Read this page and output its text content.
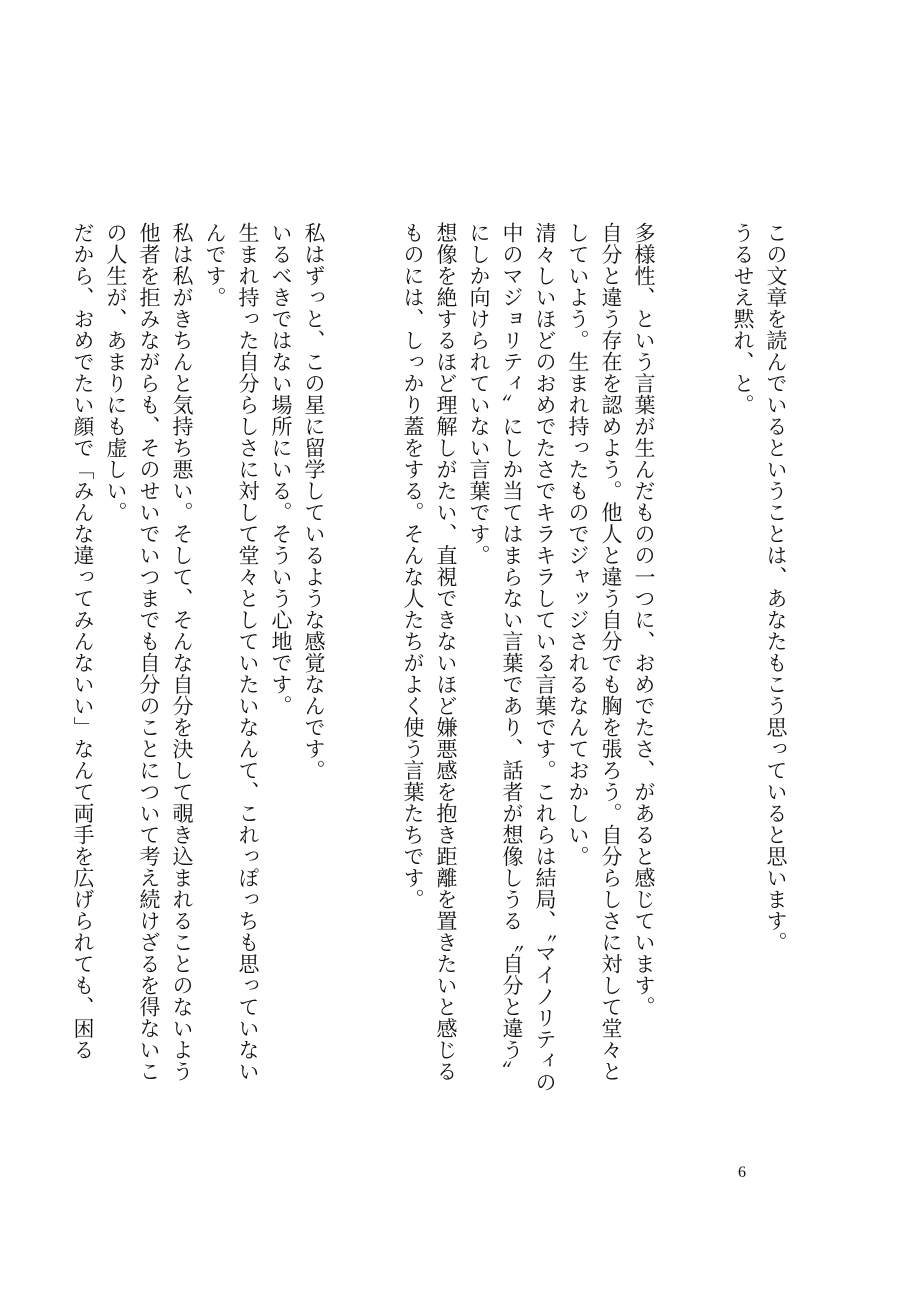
この文章を読んでいるということは、あなたもこう思っていると思います。

うるせえ黙れ、と。

多様性、という言葉が生んだものの一つに、おめでたさ、があると感じています。

自分と違う存在を認めよう。他人と違う自分でも胸を張ろう。自分らしさに対して堂々としていよう。生まれ持ったものでジャッジされるなんておかしい。

清々しいほどのおめでたさでキラキラしている言葉です。これらは結局、〝マイノリティの中のマジョリティ〟にしか当てはまらない言葉であり、話者が想像しうる〝自分と違う〟にしか向けられていない言葉です。

想像を絶するほど理解しがたい、直視できないほど嫌悪感を抱き距離を置きたいと感じるものには、しっかり蓋をする。そんな人たちがよく使う言葉たちです。

私はずっと、この星に留学しているような感覚なんです。

いるべきではない場所にいる。そういう心地です。

生まれ持った自分らしさに対して堂々としていたいなんて、これっぽっちも思っていないんです。

私は私がきちんと気持ち悪い。そして、そんな自分を決して覗き込まれることのないよう他者を拒みながらも、そのせいでいつまでも自分のことについて考え続けざるを得ないこの人生が、あまりにも虚しい。

だから、おめでたい顔で「みんな違ってみんないい」なんて両手を広げられても、困る

6
